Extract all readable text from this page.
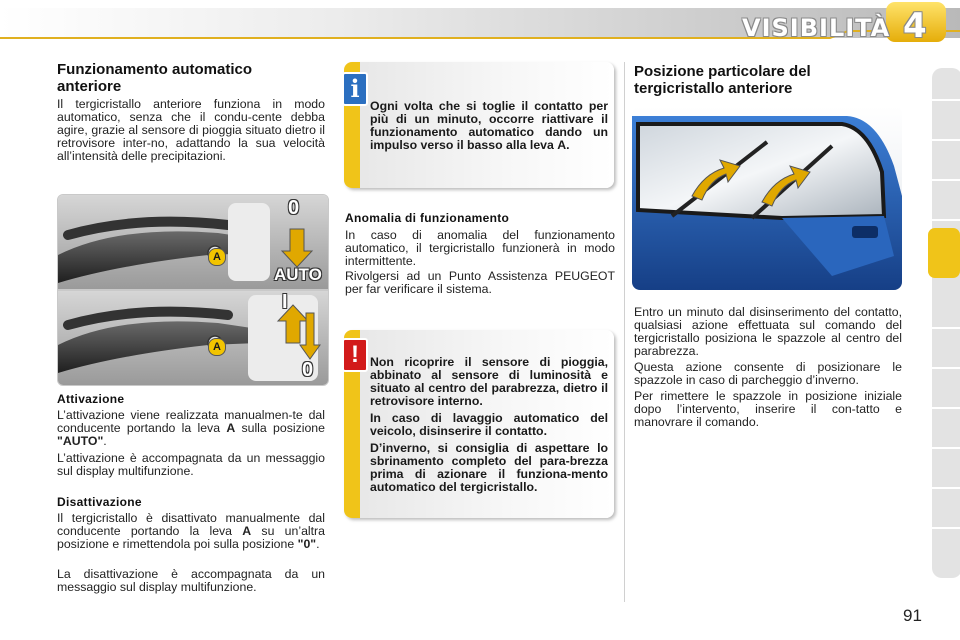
VISIBILITÀ 4
Funzionamento automatico anteriore
Il tergicristallo anteriore funziona in modo automatico, senza che il condu-cente debba agire, grazie al sensore di pioggia situato dietro il retrovisore inter-no, adattando la sua velocità all’intensità delle precipitazioni.
A
A
0
AUTO
I
0
Attivazione
L’attivazione viene realizzata manualmen-te dal conducente portando la leva A sulla posizione "AUTO".
L’attivazione è accompagnata da un messaggio sul display multifunzione.
Disattivazione
Il tergicristallo è disattivato manualmente dal conducente portando la leva A su un’altra posizione e rimettendola poi sulla posizione "0".
La disattivazione è accompagnata da un messaggio sul display multifunzione.
i
Ogni volta che si toglie il contatto per più di un minuto, occorre riattivare il funzionamento automatico dando un impulso verso il basso alla leva A.
Anomalia di funzionamento
In caso di anomalia del funzionamento automatico, il tergicristallo funzionerà in modo intermittente.
Rivolgersi ad un Punto Assistenza PEUGEOT per far verificare il sistema.
! Non ricoprire il sensore di pioggia, abbinato al sensore di luminosità e situato al centro del parabrezza, dietro il retrovisore interno.
In caso di lavaggio automatico del veicolo, disinserire il contatto.
D’inverno, si consiglia di aspettare lo sbrinamento completo del para-brezza prima di azionare il funziona-mento automatico del tergicristallo.
Posizione particolare del tergicristallo anteriore
Entro un minuto dal disinserimento del contatto, qualsiasi azione effettuata sul comando del tergicristallo posiziona le spazzole al centro del parabrezza.
Questa azione consente di posizionare le spazzole in caso di parcheggio d’inverno.
Per rimettere le spazzole in posizione iniziale dopo l’intervento, inserire il con-tatto e manovrare il comando.
91
